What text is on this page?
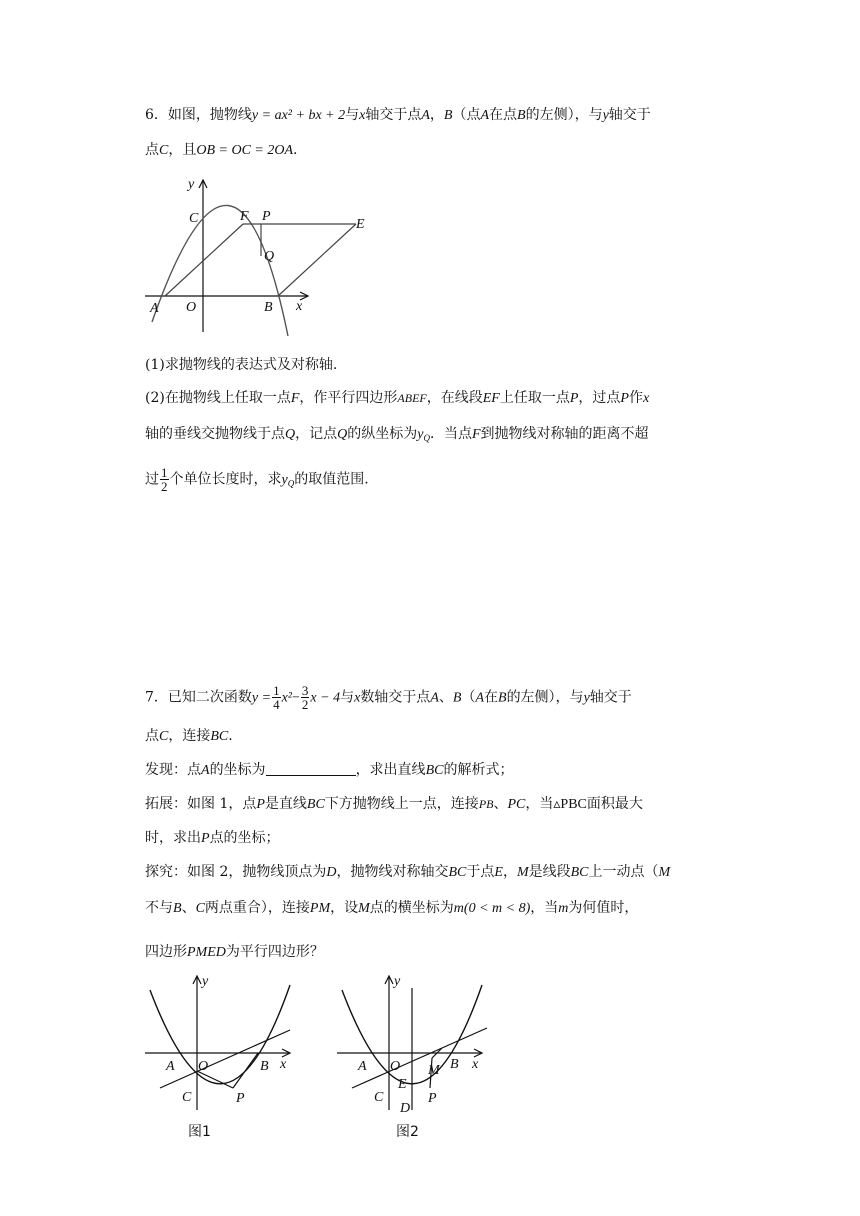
6．如图，抛物线y = ax² + bx + 2与x轴交于点A，B（点A在点B的左侧），与y轴交于
点C，且OB = OC = 2OA.
y
x
C	F P
E
Q
A O	B
(1)求抛物线的表达式及对称轴.
(2)在抛物线上任取一点F，作平行四边形ABEF，在线段EF上任取一点P，过点P作x
轴的垂线交抛物线于点Q，记点Q的纵坐标为$y_Q$．当点F到抛物线对称轴的距离不超
过 $\frac{1}{2}$ 个单位长度时，求$y_Q$的取值范围.
7．已知二次函数$y = \frac{1}{4} x^2- \frac{3}{2}$ x − 4与x数轴交于点A、B（A在B的左侧），与y轴交于
点C，连接BC.
发现：点A的坐标为	，求出直线BC的解析式；
拓展：如图 1，点P是直线BC下方抛物线上一点，连接PB、PC，当▵PBC面积最大
时，求出P点的坐标；
探究：如图 2，抛物线顶点为D，抛物线对称轴交BC于点E，M是线段BC上一动点（M
不与B、C两点重合），连接PM，设M点的横坐标为m(0 < m < 8)，当m为何值时，
四边形PMED为平行四边形？
y
x
A O	B
C	P
图1
y
x
A O	B
M
E
C
D
P
图2
